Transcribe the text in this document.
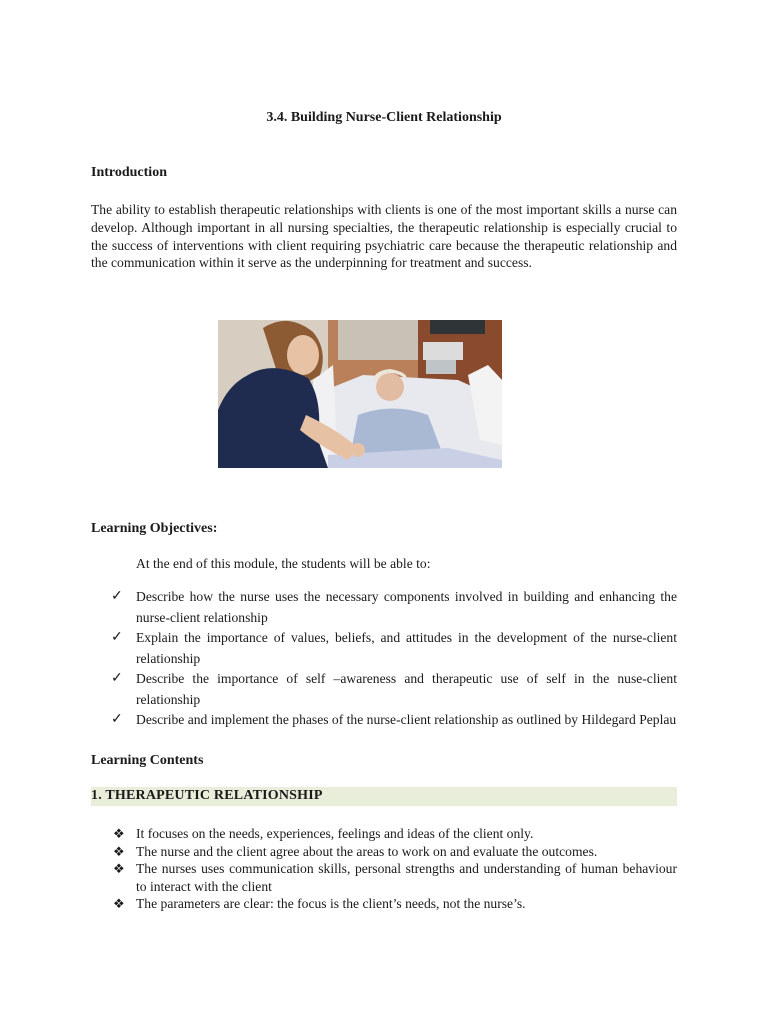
3.4. Building Nurse-Client Relationship
Introduction

The ability to establish therapeutic relationships with clients is one of the most important skills a nurse can develop. Although important in all nursing specialties, the therapeutic relationship is especially crucial to the success of interventions with client requiring psychiatric care because the therapeutic relationship and the communication within it serve as the underpinning for treatment and success.

Learning Objectives:

At the end of this module, the students will be able to:

✓ Describe how the nurse uses the necessary components involved in building and enhancing the nurse-client relationship
✓ Explain the importance of values, beliefs, and attitudes in the development of the nurse-client relationship
✓ Describe the importance of self –awareness and therapeutic use of self in the nuse-client relationship
✓ Describe and implement the phases of the nurse-client relationship as outlined by Hildegard Peplau
Learning Contents
1. THERAPEUTIC RELATIONSHIP
❖ It focuses on the needs, experiences, feelings and ideas of the client only.
❖ The nurse and the client agree about the areas to work on and evaluate the outcomes.
❖ The nurses uses communication skills, personal strengths and understanding of human behaviour to interact with the client
❖ The parameters are clear: the focus is the client’s needs, not the nurse’s.
